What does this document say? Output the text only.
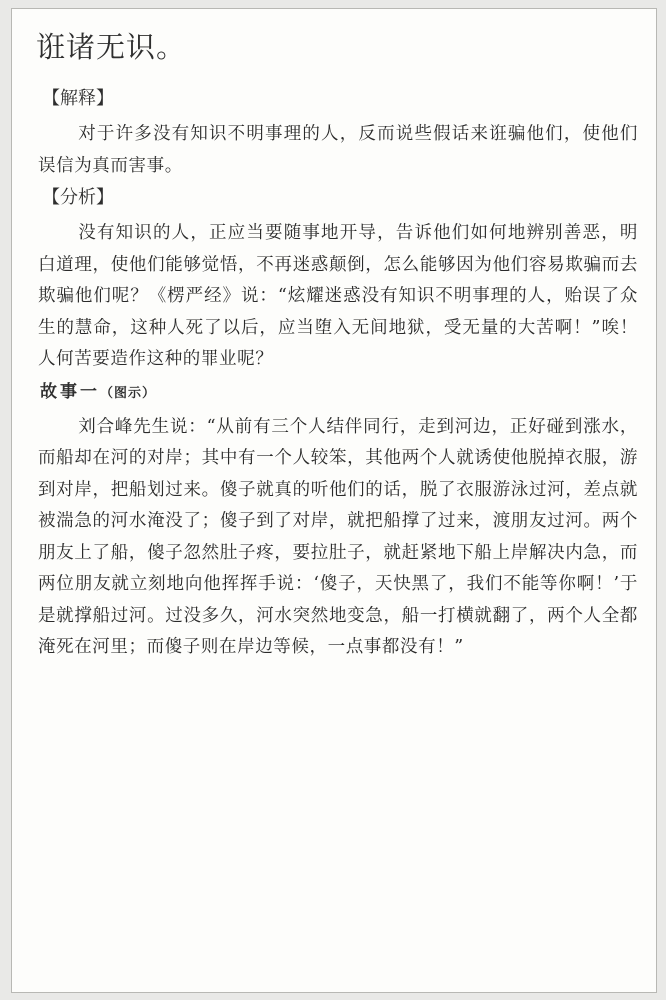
诳诸无识。
【解释】

对于许多没有知识不明事理的人，反而说些假话来诳骗他们，使他们误信为真而害事。

【分析】

没有知识的人，正应当要随事地开导，告诉他们如何地辨别善恶，明白道理，使他们能够觉悟，不再迷惑颠倒，怎么能够因为他们容易欺骗而去欺骗他们呢？《楞严经》说：“炫耀迷惑没有知识不明事理的人，贻误了众生的慧命，这种人死了以后，应当堕入无间地狱，受无量的大苦啊！”唉！人何苦要造作这种的罪业呢？

故事一（图示）

刘合峰先生说：“从前有三个人结伴同行，走到河边，正好碰到涨水，而船却在河的对岸；其中有一个人较笨，其他两个人就诱使他脱掉衣服，游到对岸，把船划过来。傻子就真的听他们的话，脱了衣服游泳过河，差点就被湍急的河水淹没了；傻子到了对岸，就把船撑了过来，渡朋友过河。两个朋友上了船，傻子忽然肚子疼，要拉肚子，就赶紧地下船上岸解决内急，而两位朋友就立刻地向他挥挥手说：‘傻子，天快黑了，我们不能等你啊！’于是就撑船过河。过没多久，河水突然地变急，船一打横就翻了，两个人全都淹死在河里；而傻子则在岸边等候，一点事都没有！”
